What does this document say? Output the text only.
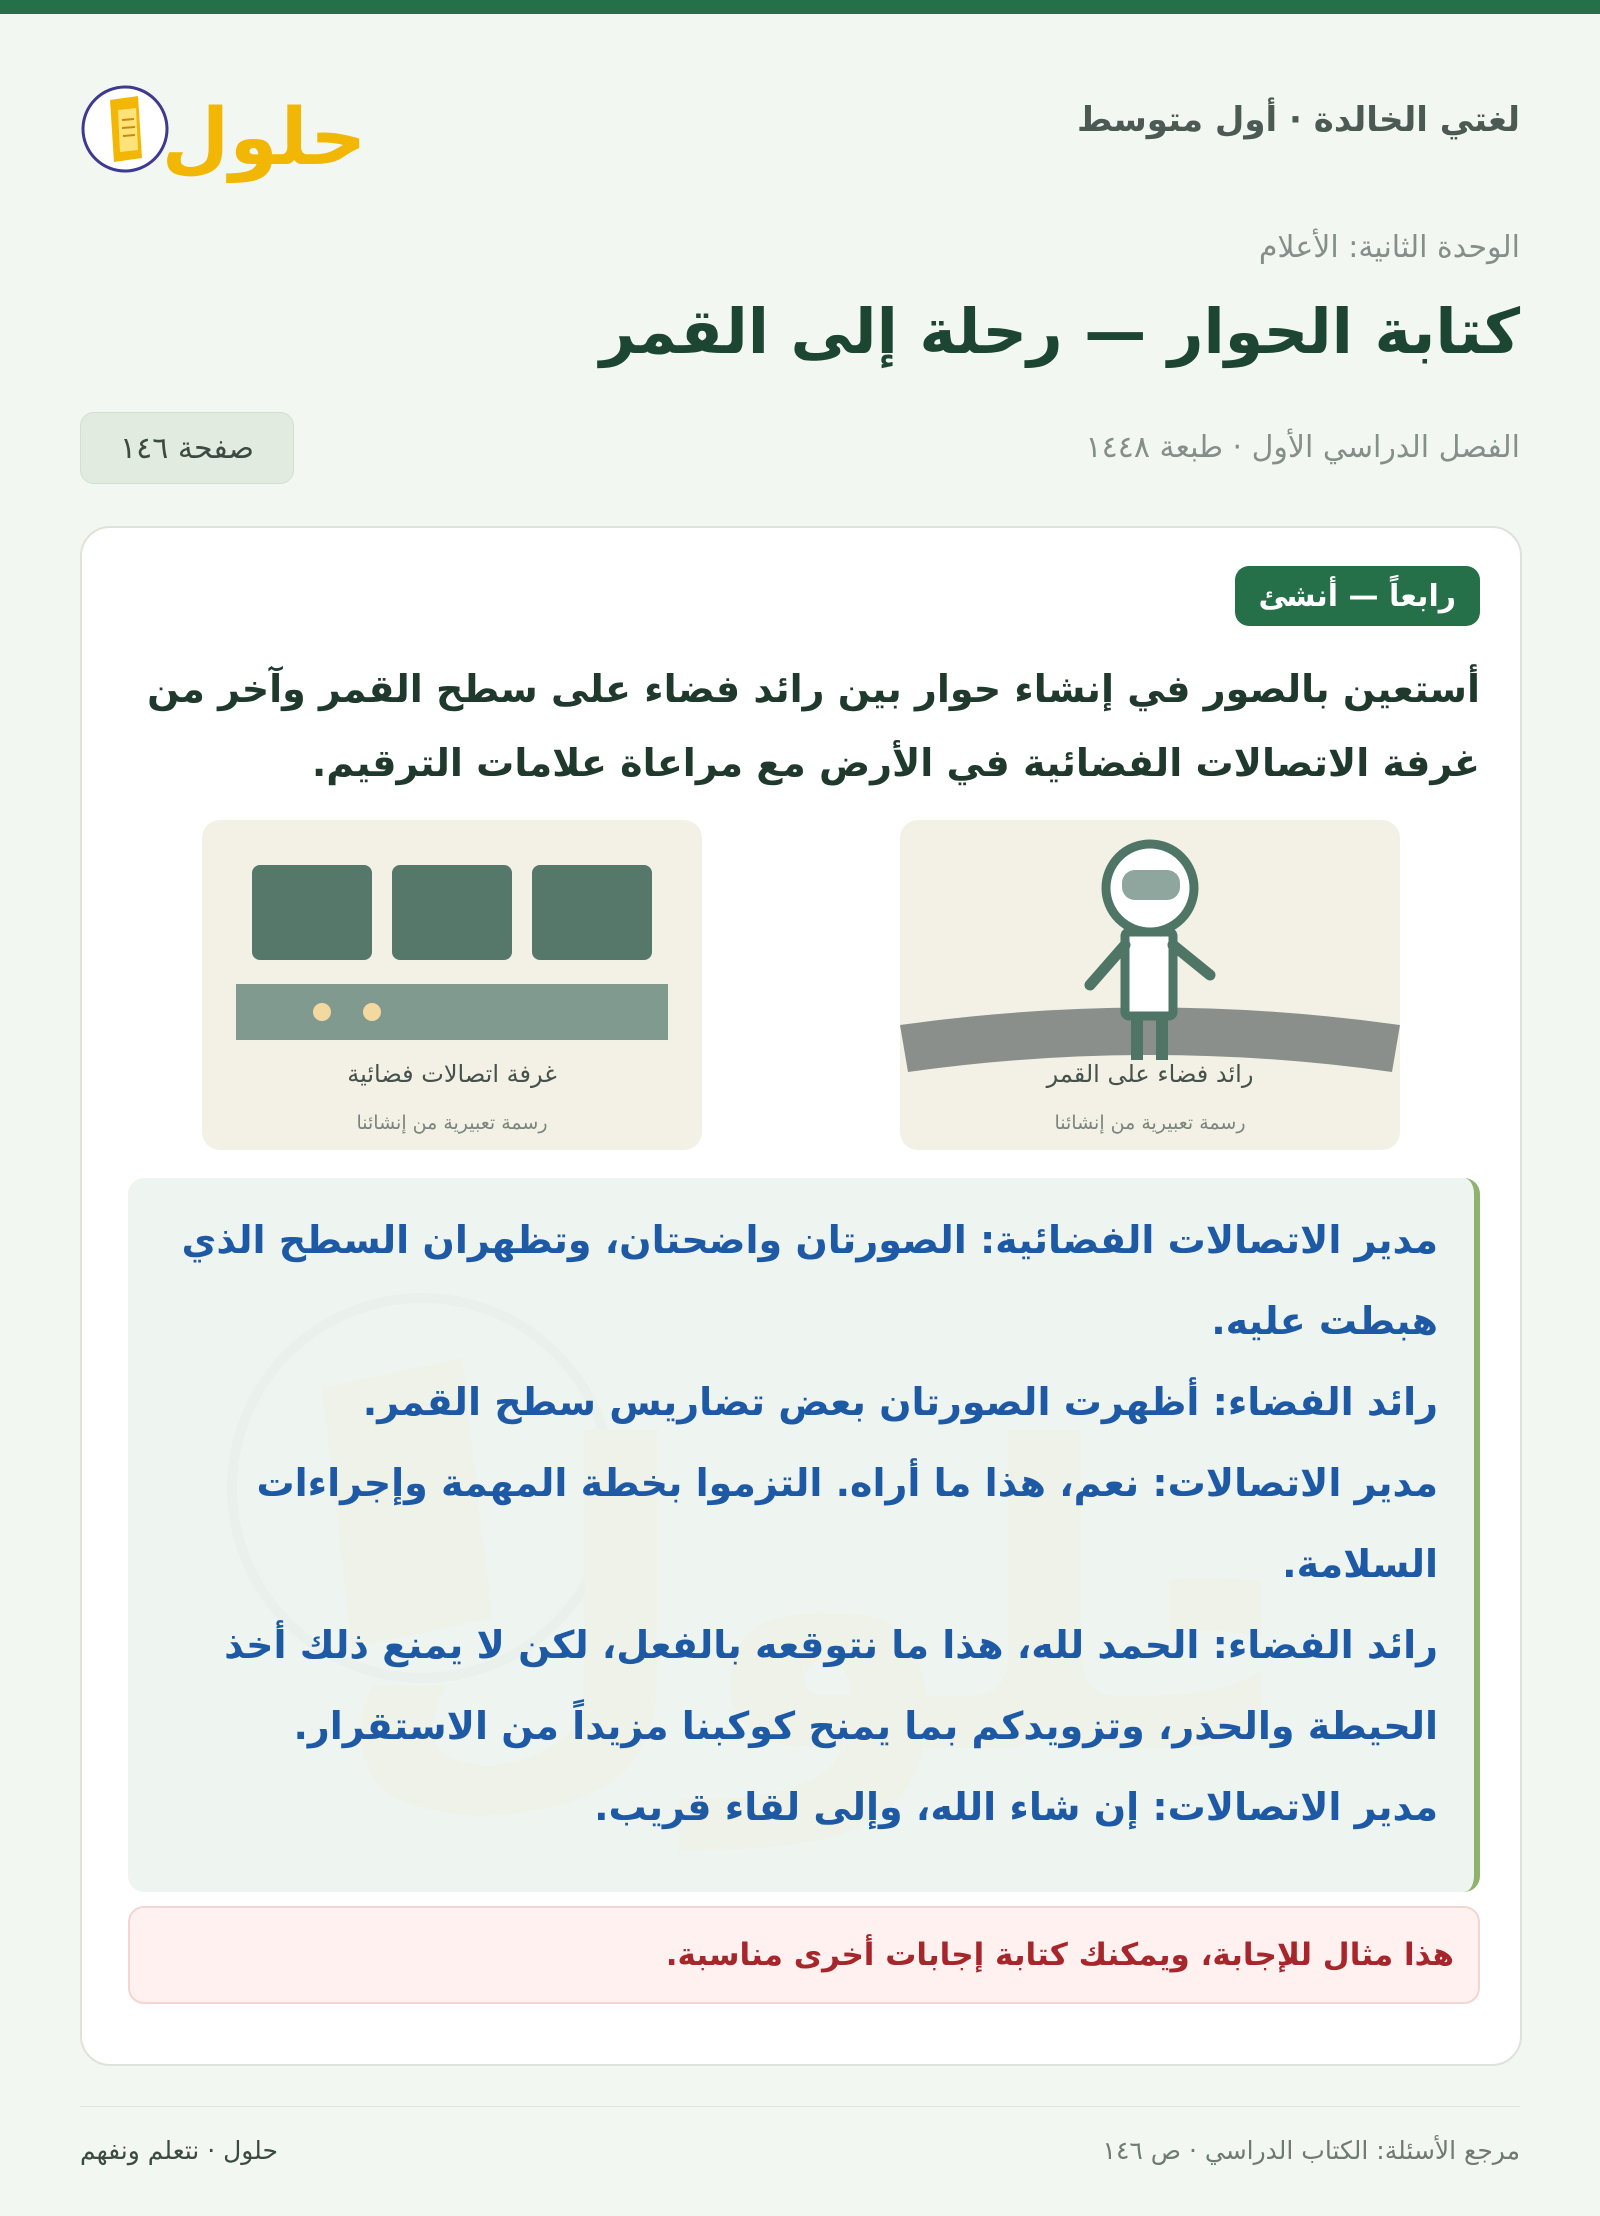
لغتي الخالدة · أول متوسط
حلول
الوحدة الثانية: الأعلام
كتابة الحوار — رحلة إلى القمر
الفصل الدراسي الأول · طبعة ١٤٤٨
صفحة ١٤٦
رابعاً — أنشئ
أستعين بالصور في إنشاء حوار بين رائد فضاء على سطح القمر وآخر من غرفة الاتصالات الفضائية في الأرض مع مراعاة علامات الترقيم.
رائد فضاء على القمر
رسمة تعبيرية من إنشائنا
غرفة اتصالات فضائية
رسمة تعبيرية من إنشائنا
مدير الاتصالات الفضائية: الصورتان واضحتان، وتظهران السطح الذي هبطت عليه.
رائد الفضاء: أظهرت الصورتان بعض تضاريس سطح القمر.
مدير الاتصالات: نعم، هذا ما أراه. التزموا بخطة المهمة وإجراءات السلامة.
رائد الفضاء: الحمد لله، هذا ما نتوقعه بالفعل، لكن لا يمنع ذلك أخذ الحيطة والحذر، وتزويدكم بما يمنح كوكبنا مزيداً من الاستقرار.
مدير الاتصالات: إن شاء الله، وإلى لقاء قريب.
هذا مثال للإجابة، ويمكنك كتابة إجابات أخرى مناسبة.
مرجع الأسئلة: الكتاب الدراسي · ص ١٤٦
حلول · نتعلم ونفهم
